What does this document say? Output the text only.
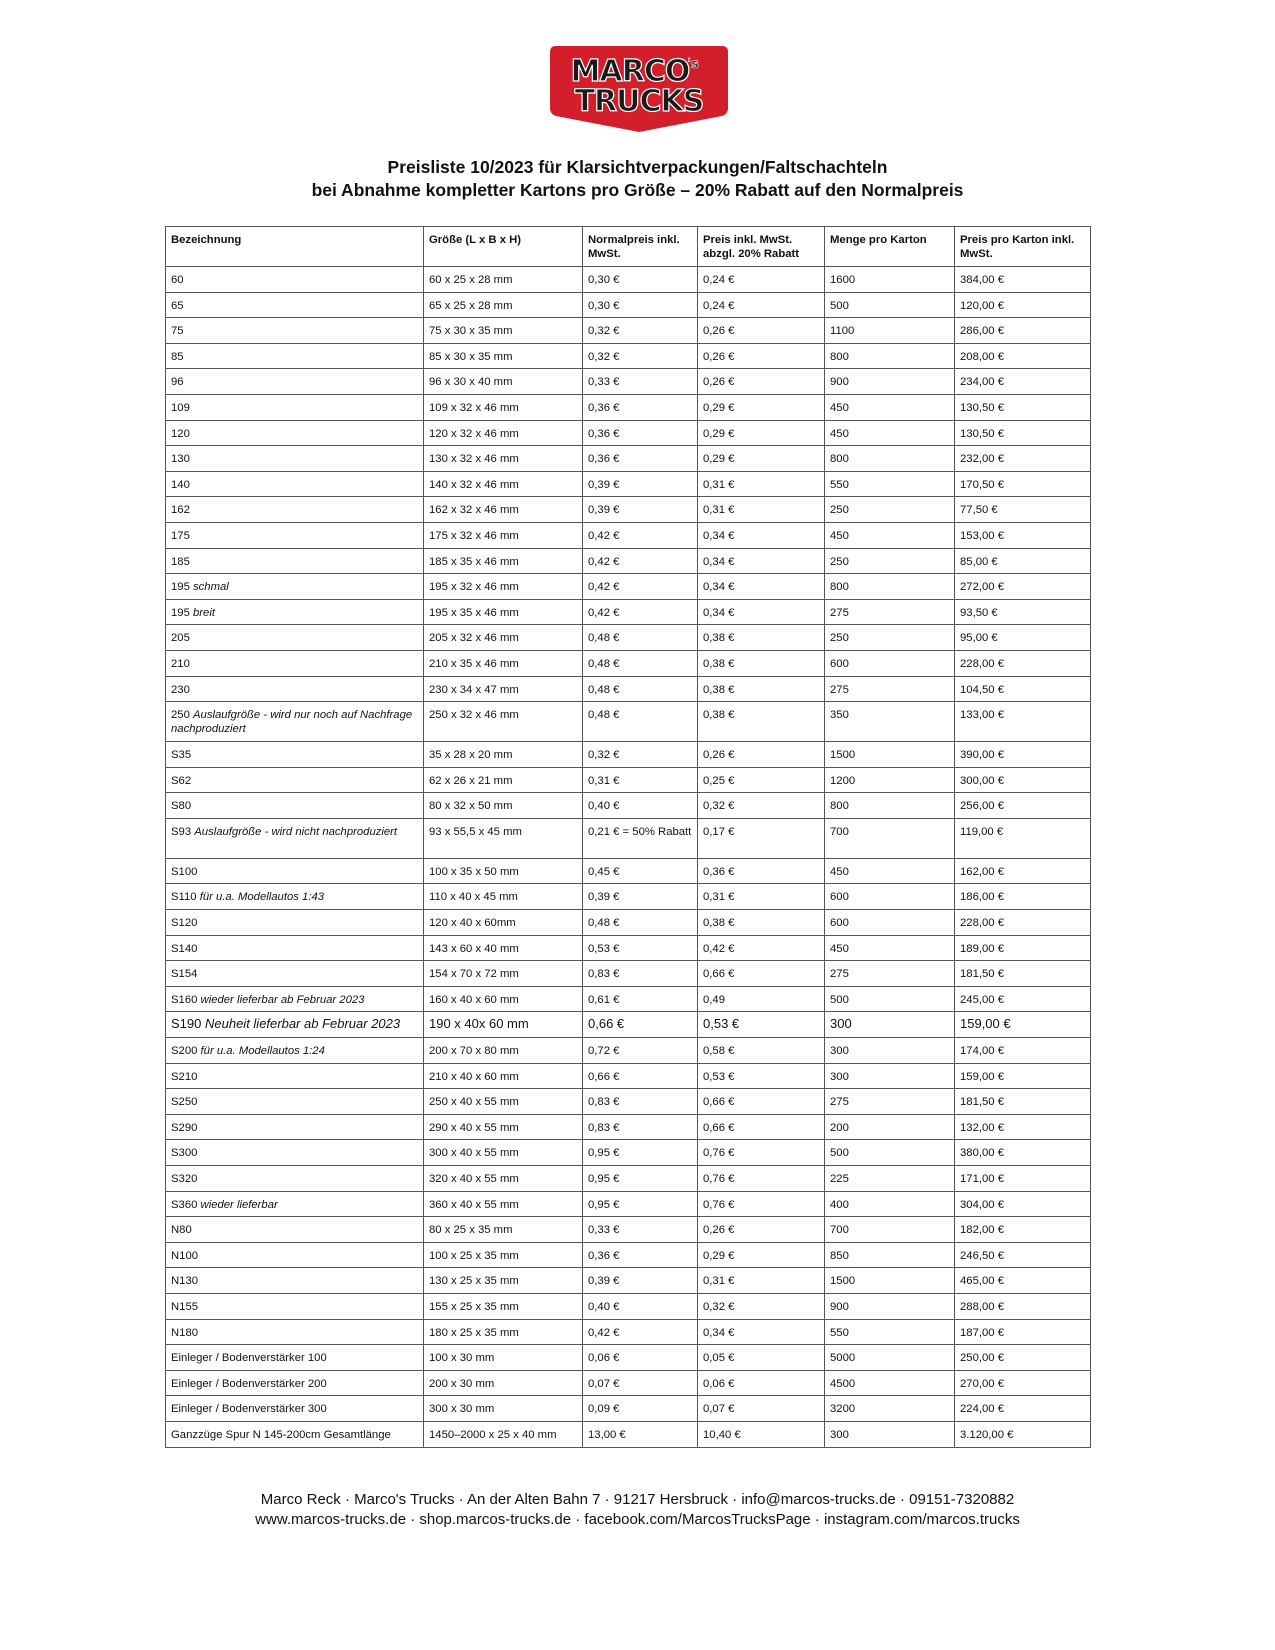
MARCO
's
TRUCKS
Preisliste 10/2023 für Klarsichtverpackungen/Faltschachteln
bei Abnahme kompletter Kartons pro Größe – 20% Rabatt auf den Normalpreis
Bezeichnung	Größe (L x B x H)	Normalpreis inkl. MwSt.	Preis inkl. MwSt. abzgl. 20% Rabatt	Menge pro Karton	Preis pro Karton inkl. MwSt.
60	60 x 25 x 28 mm	0,30 €	0,24 €	1600	384,00 €
65	65 x 25 x 28 mm	0,30 €	0,24 €	500	120,00 €
75	75 x 30 x 35 mm	0,32 €	0,26 €	1100	286,00 €
85	85 x 30 x 35 mm	0,32 €	0,26 €	800	208,00 €
96	96 x 30 x 40 mm	0,33 €	0,26 €	900	234,00 €
109	109 x 32 x 46 mm	0,36 €	0,29 €	450	130,50 €
120	120 x 32 x 46 mm	0,36 €	0,29 €	450	130,50 €
130	130 x 32 x 46 mm	0,36 €	0,29 €	800	232,00 €
140	140 x 32 x 46 mm	0,39 €	0,31 €	550	170,50 €
162	162 x 32 x 46 mm	0,39 €	0,31 €	250	77,50 €
175	175 x 32 x 46 mm	0,42 €	0,34 €	450	153,00 €
185	185 x 35 x 46 mm	0,42 €	0,34 €	250	85,00 €
195 schmal	195 x 32 x 46 mm	0,42 €	0,34 €	800	272,00 €
195 breit	195 x 35 x 46 mm	0,42 €	0,34 €	275	93,50 €
205	205 x 32 x 46 mm	0,48 €	0,38 €	250	95,00 €
210	210 x 35 x 46 mm	0,48 €	0,38 €	600	228,00 €
230	230 x 34 x 47 mm	0,48 €	0,38 €	275	104,50 €
250 Auslaufgröße - wird nur noch auf Nachfrage nachproduziert	250 x 32 x 46 mm	0,48 €	0,38 €	350	133,00 €
S35	35 x 28 x 20 mm	0,32 €	0,26 €	1500	390,00 €
S62	62 x 26 x 21 mm	0,31 €	0,25 €	1200	300,00 €
S80	80 x 32 x 50 mm	0,40 €	0,32 €	800	256,00 €
S93 Auslaufgröße - wird nicht nachproduziert	93 x 55,5 x 45 mm	0,21 € = 50% Rabatt	0,17 €	700	119,00 €
S100	100 x 35 x 50 mm	0,45 €	0,36 €	450	162,00 €
S110 für u.a. Modellautos 1:43	110 x 40 x 45 mm	0,39 €	0,31 €	600	186,00 €
S120	120 x 40 x 60mm	0,48 €	0,38 €	600	228,00 €
S140	143 x 60 x 40 mm	0,53 €	0,42 €	450	189,00 €
S154	154 x 70 x 72 mm	0,83 €	0,66 €	275	181,50 €
S160 wieder lieferbar ab Februar 2023	160 x 40 x 60 mm	0,61 €	0,49	500	245,00 €
S190 Neuheit lieferbar ab Februar 2023	190 x 40x 60 mm	0,66 €	0,53 €	300	159,00 €
S200 für u.a. Modellautos 1:24	200 x 70 x 80 mm	0,72 €	0,58 €	300	174,00 €
S210	210 x 40 x 60 mm	0,66 €	0,53 €	300	159,00 €
S250	250 x 40 x 55 mm	0,83 €	0,66 €	275	181,50 €
S290	290 x 40 x 55 mm	0,83 €	0,66 €	200	132,00 €
S300	300 x 40 x 55 mm	0,95 €	0,76 €	500	380,00 €
S320	320 x 40 x 55 mm	0,95 €	0,76 €	225	171,00 €
S360 wieder lieferbar	360 x 40 x 55 mm	0,95 €	0,76 €	400	304,00 €
N80	80 x 25 x 35 mm	0,33 €	0,26 €	700	182,00 €
N100	100 x 25 x 35 mm	0,36 €	0,29 €	850	246,50 €
N130	130 x 25 x 35 mm	0,39 €	0,31 €	1500	465,00 €
N155	155 x 25 x 35 mm	0,40 €	0,32 €	900	288,00 €
N180	180 x 25 x 35 mm	0,42 €	0,34 €	550	187,00 €
Einleger / Bodenverstärker 100	100 x 30 mm	0,06 €	0,05 €	5000	250,00 €
Einleger / Bodenverstärker 200	200 x 30 mm	0,07 €	0,06 €	4500	270,00 €
Einleger / Bodenverstärker 300	300 x 30 mm	0,09 €	0,07 €	3200	224,00 €
Ganzzüge Spur N 145-200cm Gesamtlänge	1450–2000 x 25 x 40 mm	13,00 €	10,40 €	300	3.120,00 €
Marco Reck · Marco's Trucks · An der Alten Bahn 7 · 91217 Hersbruck · info@marcos-trucks.de · 09151-7320882
www.marcos-trucks.de · shop.marcos-trucks.de · facebook.com/MarcosTrucksPage · instagram.com/marcos.trucks
